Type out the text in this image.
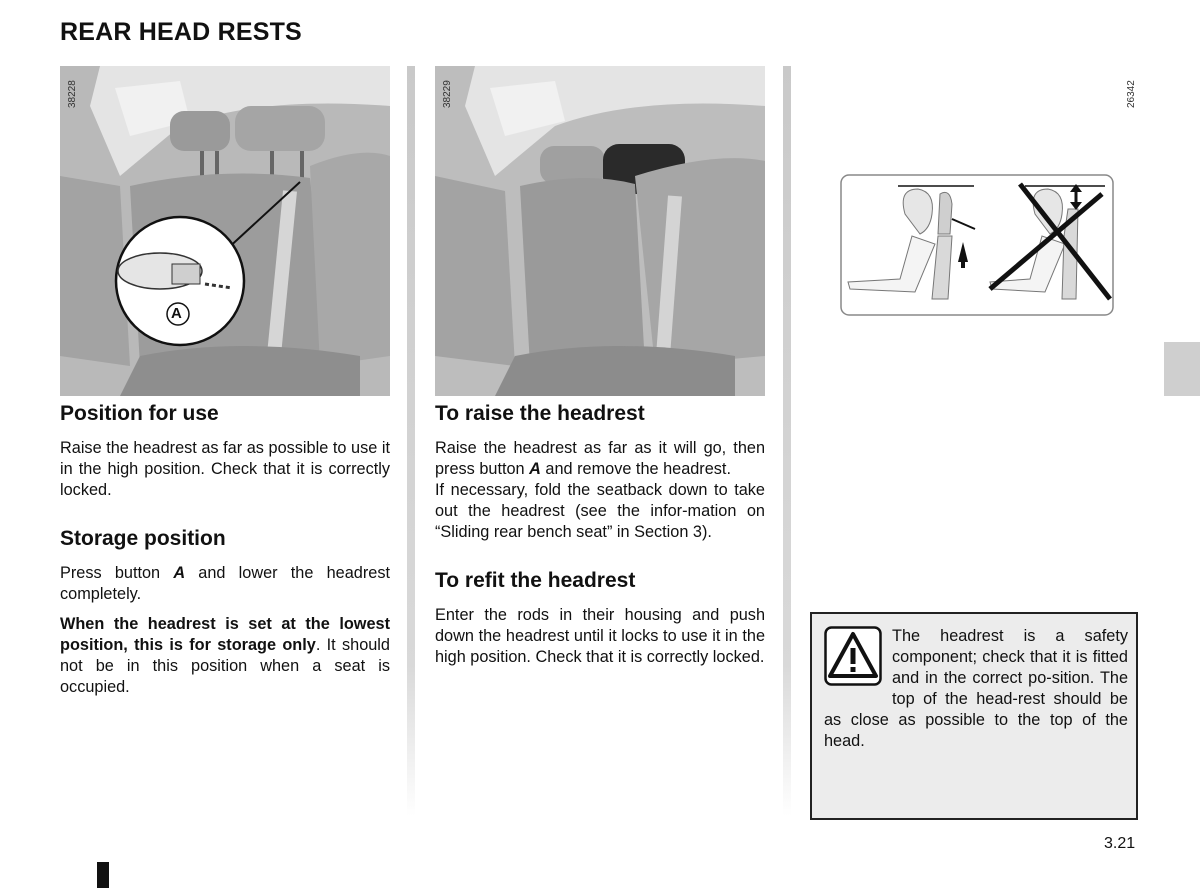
REAR HEAD RESTS
A
38228	38229	26342
Position for use

Raise the headrest as far as possible to use it in the high position. Check that it is correctly locked.

Storage position

Press button A and lower the headrest completely.

When the headrest is set at the lowest position, this is for storage only. It should not be in this position when a seat is occupied.

To raise the headrest

Raise the headrest as far as it will go, then press button A and remove the headrest.

If necessary, fold the seatback down to take out the headrest (see the infor-mation on “Sliding rear bench seat” in Section 3).

To refit the headrest

Enter the rods in their housing and push down the headrest until it locks to use it in the high position. Check that it is correctly locked.

The headrest is a safety component; check that it is fitted and in the correct po-sition. The top of the head-rest should be as close as possible to the top of the head.
3.21
